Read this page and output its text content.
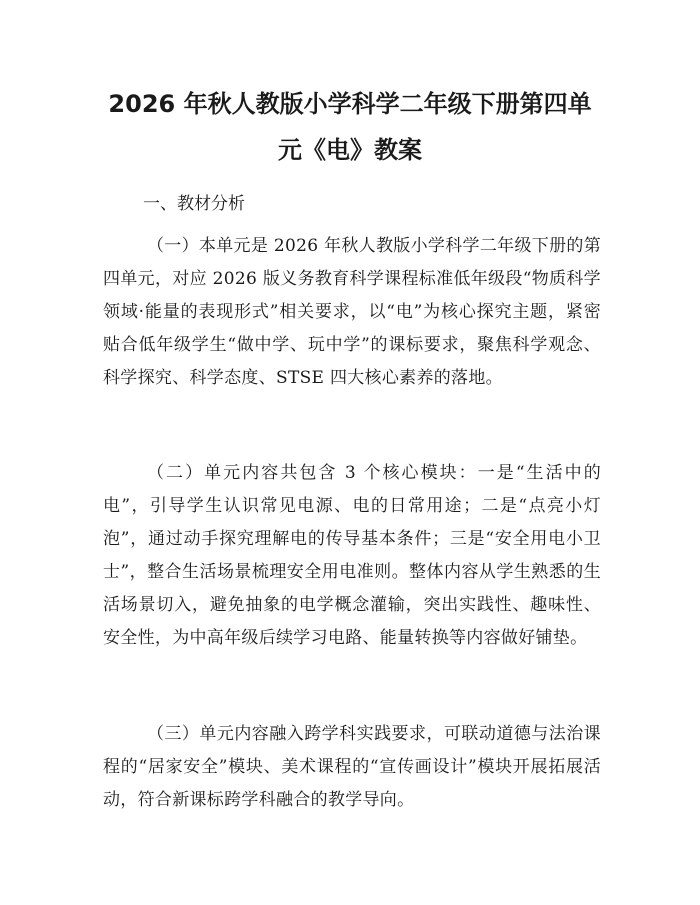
2026 年秋人教版小学科学二年级下册第四单
元《电》教案
一、教材分析
（一）本单元是 2026 年秋人教版小学科学二年级下册的第四单元，对应 2026 版义务教育科学课程标准低年级段“物质科学领域·能量的表现形式”相关要求，以“电”为核心探究主题，紧密贴合低年级学生“做中学、玩中学”的课标要求，聚焦科学观念、科学探究、科学态度、STSE 四大核心素养的落地。
（二）单元内容共包含 3 个核心模块：一是“生活中的电”，引导学生认识常见电源、电的日常用途；二是“点亮小灯泡”，通过动手探究理解电的传导基本条件；三是“安全用电小卫士”，整合生活场景梳理安全用电准则。整体内容从学生熟悉的生活场景切入，避免抽象的电学概念灌输，突出实践性、趣味性、安全性，为中高年级后续学习电路、能量转换等内容做好铺垫。
（三）单元内容融入跨学科实践要求，可联动道德与法治课程的“居家安全”模块、美术课程的“宣传画设计”模块开展拓展活动，符合新课标跨学科融合的教学导向。
